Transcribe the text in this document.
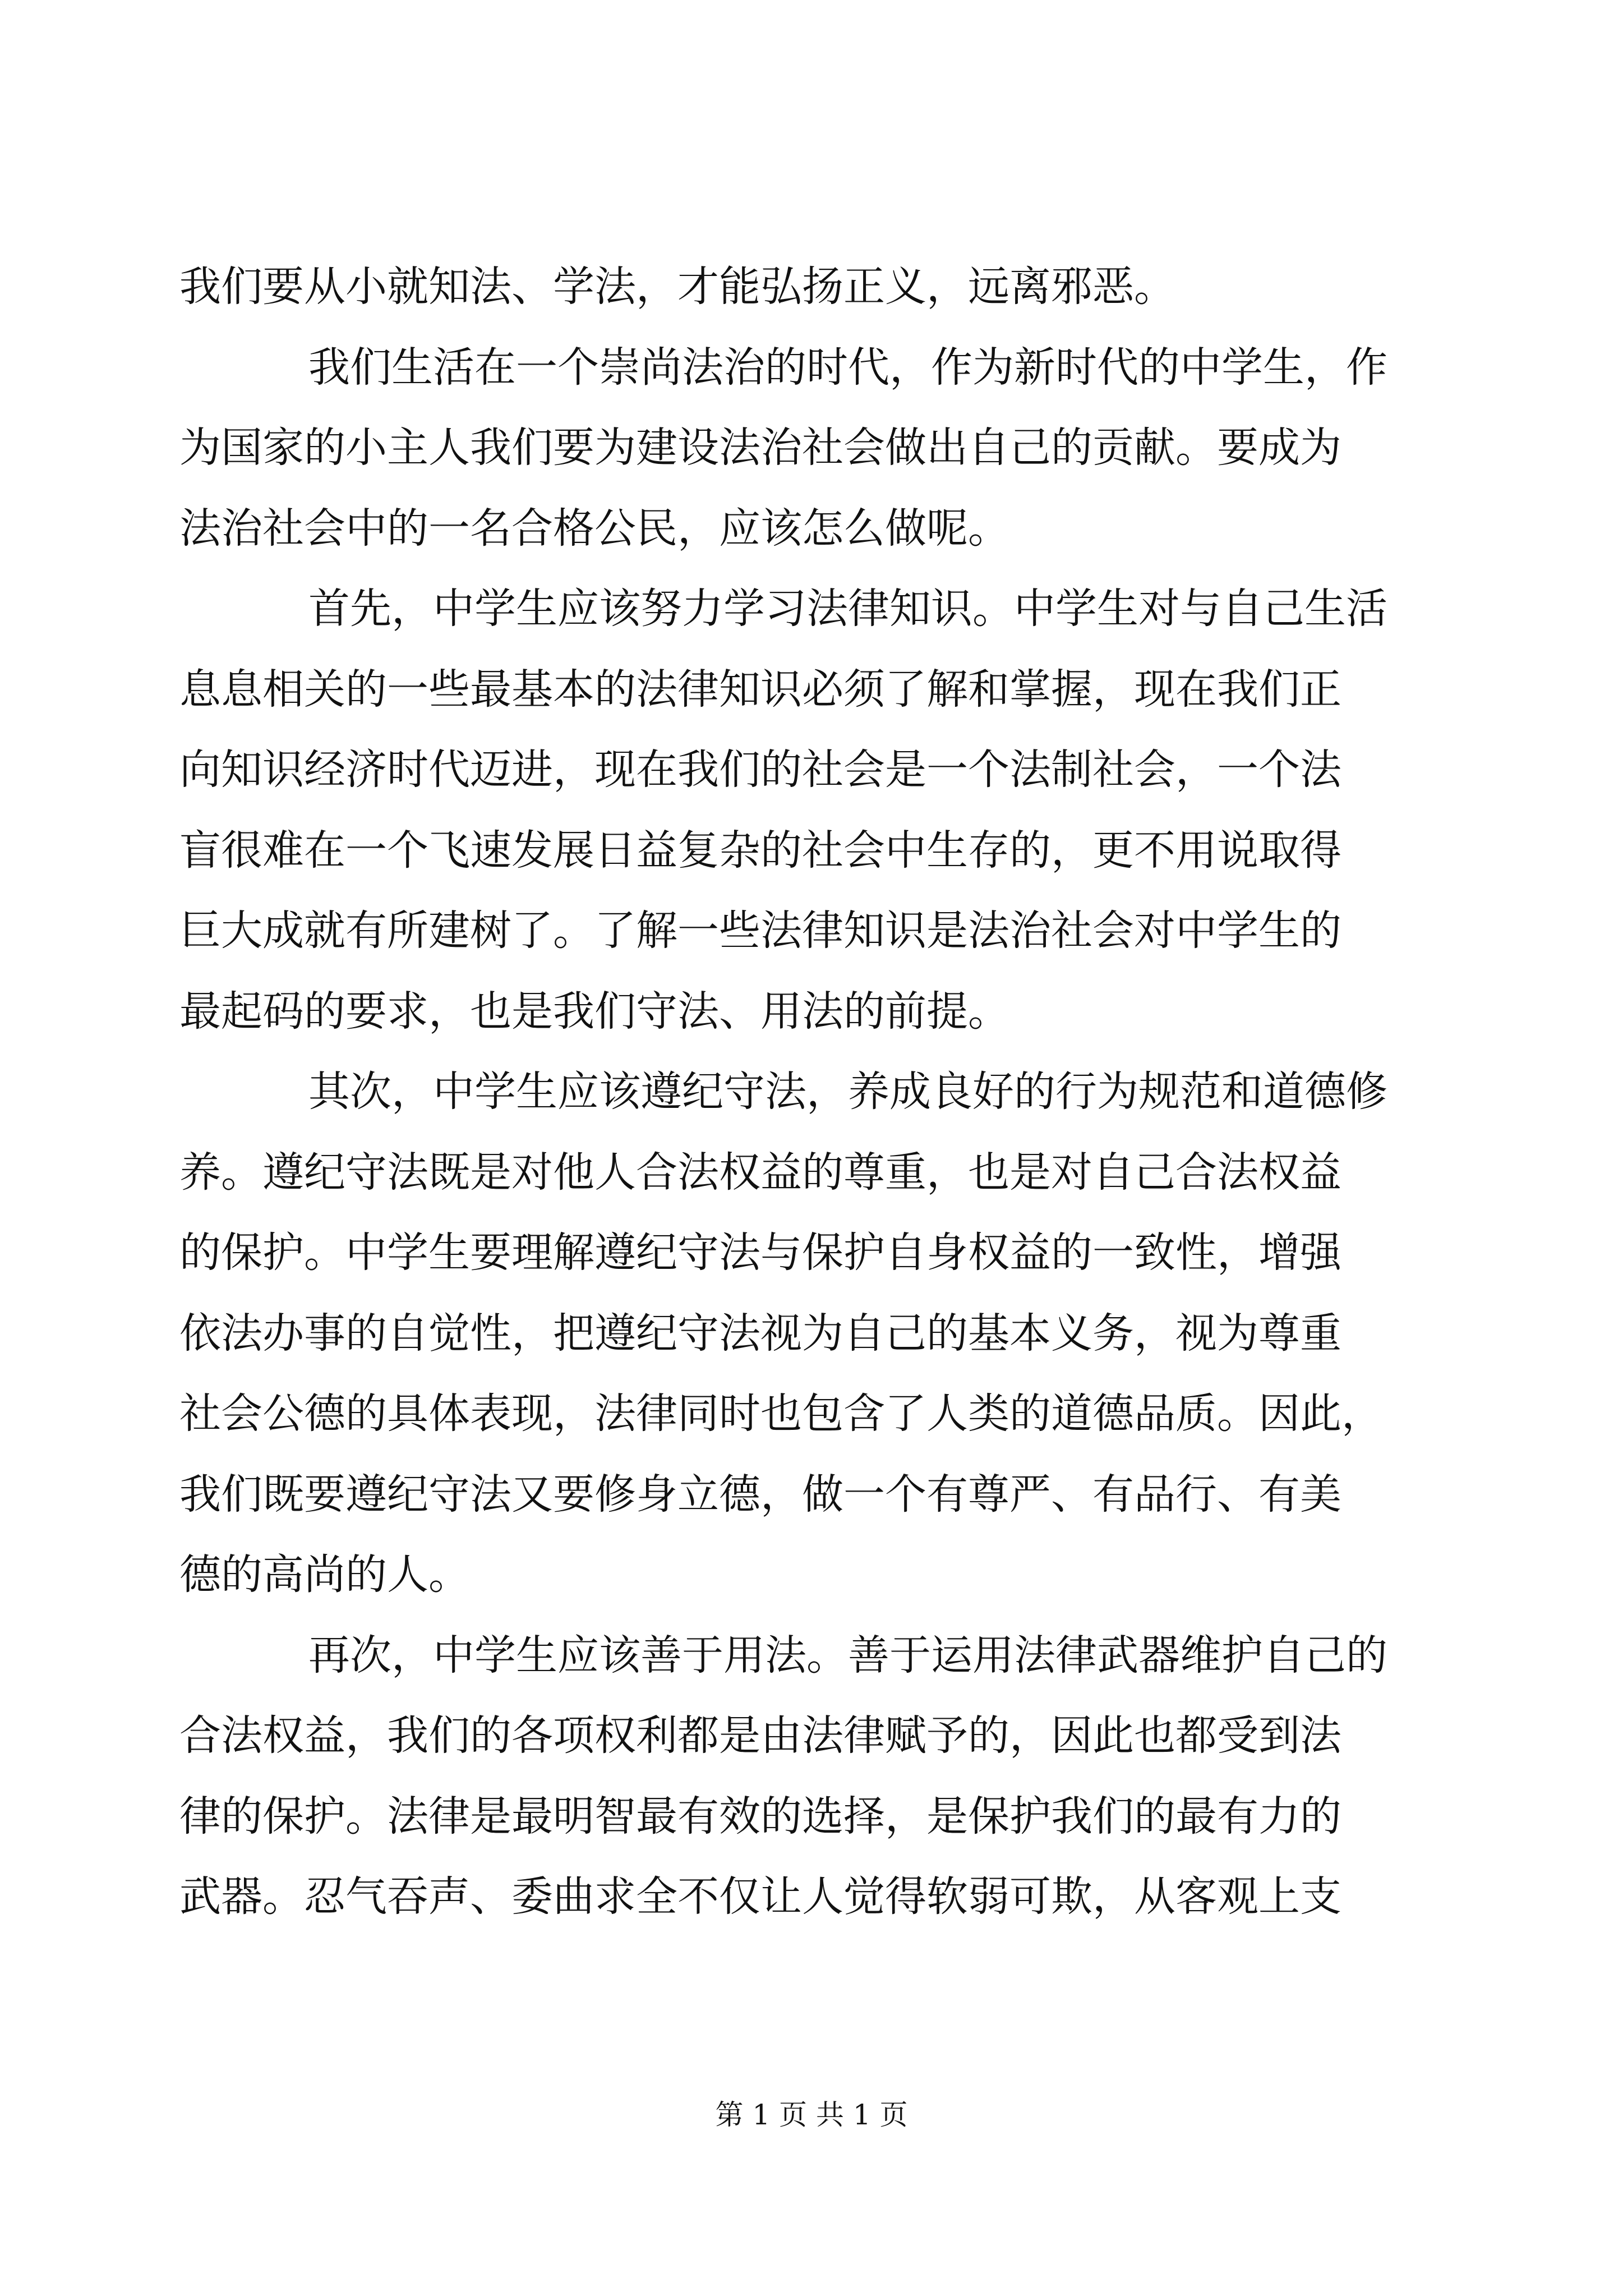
我们要从小就知法、学法，才能弘扬正义，远离邪恶。
我们生活在一个崇尚法治的时代，作为新时代的中学生，作
为国家的小主人我们要为建设法治社会做出自己的贡献。要成为
法治社会中的一名合格公民，应该怎么做呢。
首先，中学生应该努力学习法律知识。中学生对与自己生活
息息相关的一些最基本的法律知识必须了解和掌握，现在我们正
向知识经济时代迈进，现在我们的社会是一个法制社会，一个法
盲很难在一个飞速发展日益复杂的社会中生存的，更不用说取得
巨大成就有所建树了。了解一些法律知识是法治社会对中学生的
最起码的要求，也是我们守法、用法的前提。
其次，中学生应该遵纪守法，养成良好的行为规范和道德修
养。遵纪守法既是对他人合法权益的尊重，也是对自己合法权益
的保护。中学生要理解遵纪守法与保护自身权益的一致性，增强
依法办事的自觉性，把遵纪守法视为自己的基本义务，视为尊重
社会公德的具体表现，法律同时也包含了人类的道德品质。因此，
我们既要遵纪守法又要修身立德，做一个有尊严、有品行、有美
德的高尚的人。
再次，中学生应该善于用法。善于运用法律武器维护自己的
合法权益，我们的各项权利都是由法律赋予的，因此也都受到法
律的保护。法律是最明智最有效的选择，是保护我们的最有力的
武器。忍气吞声、委曲求全不仅让人觉得软弱可欺，从客观上支
第 1 页 共 1 页
